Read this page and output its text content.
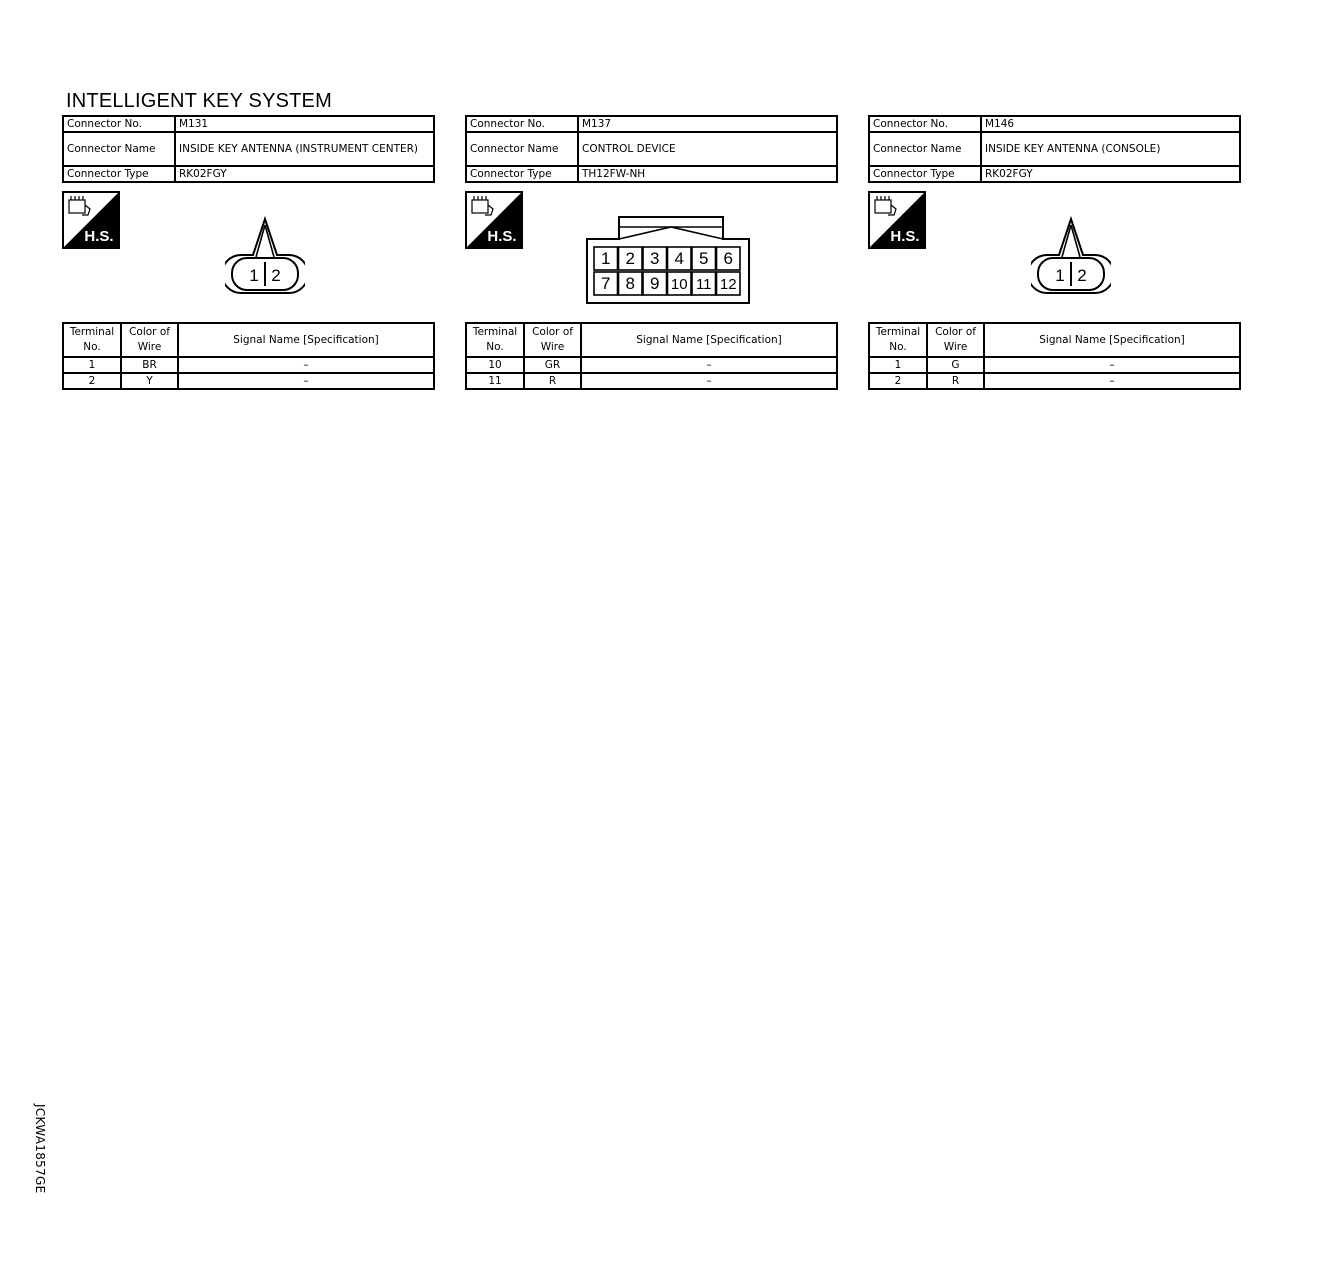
INTELLIGENT KEY SYSTEM
Connector No.	M131
Connector Name	INSIDE KEY ANTENNA (INSTRUMENT CENTER)
Connector Type	RK02FGY
H.S.
1 2
Terminal No.	Color of Wire	Signal Name [Specification]
1	BR	–
2	Y	–
Connector No.	M137
Connector Name	CONTROL DEVICE
Connector Type	TH12FW-NH
H.S.
1 2 3 4 5 6
7 8 9 10 11 12
Terminal No.	Color of Wire	Signal Name [Specification]
10	GR	–
11	R	–
Connector No.	M146
Connector Name	INSIDE KEY ANTENNA (CONSOLE)
Connector Type	RK02FGY
H.S.
1 2
Terminal No.	Color of Wire	Signal Name [Specification]
1	G	–
2	R	–
JCKWA1857GE
